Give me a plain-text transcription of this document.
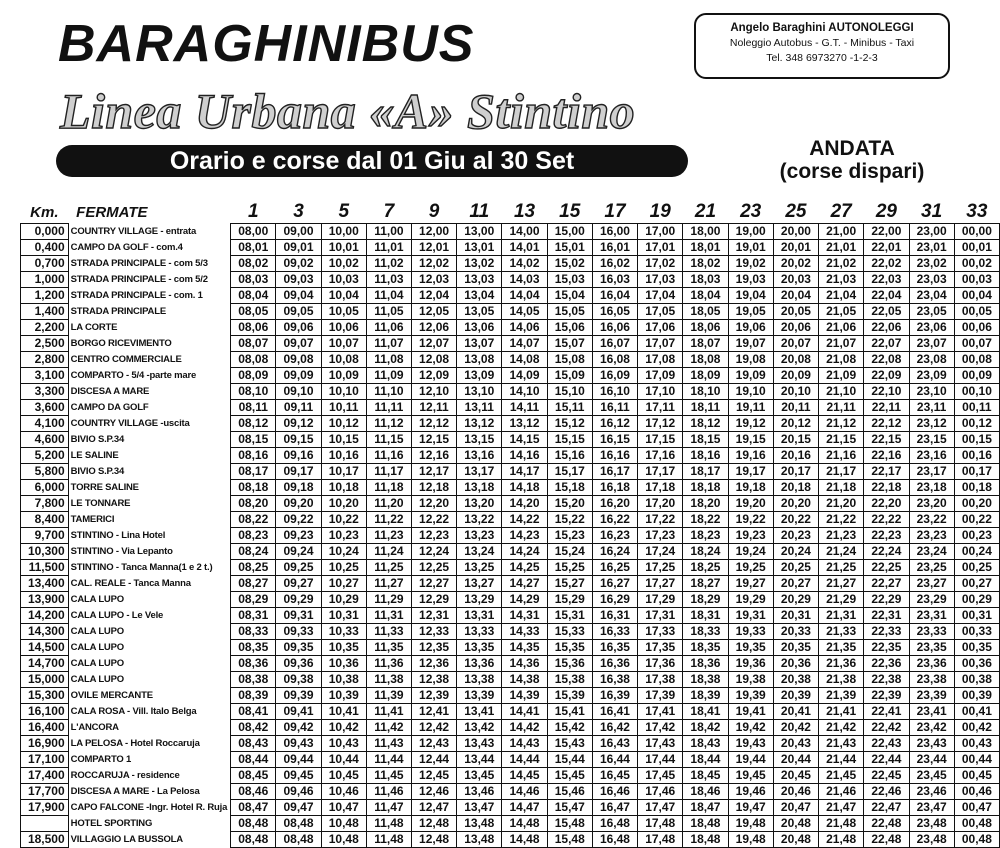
BARAGHINIBUS	Angelo Baraghini AUTONOLEGGI
Noleggio Autobus - G.T. - Minibus - Taxi
Tel. 348 6973270 -1-2-3
Linea Urbana «A» Stintino
Orario e corse dal 01 Giu al 30 Set	ANDATA
(corse dispari)
Km.	FERMATE	1	3	5	7	9	11	13	15	17	19	21	23	25	27	29	31	33
0,000	COUNTRY VILLAGE - entrata	08,00	09,00	10,00	11,00	12,00	13,00	14,00	15,00	16,00	17,00	18,00	19,00	20,00	21,00	22,00	23,00	00,00
0,400	CAMPO DA GOLF - com.4	08,01	09,01	10,01	11,01	12,01	13,01	14,01	15,01	16,01	17,01	18,01	19,01	20,01	21,01	22,01	23,01	00,01
0,700	STRADA PRINCIPALE - com 5/3	08,02	09,02	10,02	11,02	12,02	13,02	14,02	15,02	16,02	17,02	18,02	19,02	20,02	21,02	22,02	23,02	00,02
1,000	STRADA PRINCIPALE - com 5/2	08,03	09,03	10,03	11,03	12,03	13,03	14,03	15,03	16,03	17,03	18,03	19,03	20,03	21,03	22,03	23,03	00,03
1,200	STRADA PRINCIPALE - com. 1	08,04	09,04	10,04	11,04	12,04	13,04	14,04	15,04	16,04	17,04	18,04	19,04	20,04	21,04	22,04	23,04	00,04
1,400	STRADA PRINCIPALE	08,05	09,05	10,05	11,05	12,05	13,05	14,05	15,05	16,05	17,05	18,05	19,05	20,05	21,05	22,05	23,05	00,05
2,200	LA CORTE	08,06	09,06	10,06	11,06	12,06	13,06	14,06	15,06	16,06	17,06	18,06	19,06	20,06	21,06	22,06	23,06	00,06
2,500	BORGO RICEVIMENTO	08,07	09,07	10,07	11,07	12,07	13,07	14,07	15,07	16,07	17,07	18,07	19,07	20,07	21,07	22,07	23,07	00,07
2,800	CENTRO COMMERCIALE	08,08	09,08	10,08	11,08	12,08	13,08	14,08	15,08	16,08	17,08	18,08	19,08	20,08	21,08	22,08	23,08	00,08
3,100	COMPARTO - 5/4 -parte mare	08,09	09,09	10,09	11,09	12,09	13,09	14,09	15,09	16,09	17,09	18,09	19,09	20,09	21,09	22,09	23,09	00,09
3,300	DISCESA A MARE	08,10	09,10	10,10	11,10	12,10	13,10	14,10	15,10	16,10	17,10	18,10	19,10	20,10	21,10	22,10	23,10	00,10
3,600	CAMPO DA GOLF	08,11	09,11	10,11	11,11	12,11	13,11	14,11	15,11	16,11	17,11	18,11	19,11	20,11	21,11	22,11	23,11	00,11
4,100	COUNTRY VILLAGE -uscita	08,12	09,12	10,12	11,12	12,12	13,12	13,12	15,12	16,12	17,12	18,12	19,12	20,12	21,12	22,12	23,12	00,12
4,600	BIVIO S.P.34	08,15	09,15	10,15	11,15	12,15	13,15	14,15	15,15	16,15	17,15	18,15	19,15	20,15	21,15	22,15	23,15	00,15
5,200	LE SALINE	08,16	09,16	10,16	11,16	12,16	13,16	14,16	15,16	16,16	17,16	18,16	19,16	20,16	21,16	22,16	23,16	00,16
5,800	BIVIO S.P.34	08,17	09,17	10,17	11,17	12,17	13,17	14,17	15,17	16,17	17,17	18,17	19,17	20,17	21,17	22,17	23,17	00,17
6,000	TORRE SALINE	08,18	09,18	10,18	11,18	12,18	13,18	14,18	15,18	16,18	17,18	18,18	19,18	20,18	21,18	22,18	23,18	00,18
7,800	LE TONNARE	08,20	09,20	10,20	11,20	12,20	13,20	14,20	15,20	16,20	17,20	18,20	19,20	20,20	21,20	22,20	23,20	00,20
8,400	TAMERICI	08,22	09,22	10,22	11,22	12,22	13,22	14,22	15,22	16,22	17,22	18,22	19,22	20,22	21,22	22,22	23,22	00,22
9,700	STINTINO - Lina Hotel	08,23	09,23	10,23	11,23	12,23	13,23	14,23	15,23	16,23	17,23	18,23	19,23	20,23	21,23	22,23	23,23	00,23
10,300	STINTINO - Via Lepanto	08,24	09,24	10,24	11,24	12,24	13,24	14,24	15,24	16,24	17,24	18,24	19,24	20,24	21,24	22,24	23,24	00,24
11,500	STINTINO - Tanca Manna(1 e 2 t.)	08,25	09,25	10,25	11,25	12,25	13,25	14,25	15,25	16,25	17,25	18,25	19,25	20,25	21,25	22,25	23,25	00,25
13,400	CAL. REALE - Tanca Manna	08,27	09,27	10,27	11,27	12,27	13,27	14,27	15,27	16,27	17,27	18,27	19,27	20,27	21,27	22,27	23,27	00,27
13,900	CALA LUPO	08,29	09,29	10,29	11,29	12,29	13,29	14,29	15,29	16,29	17,29	18,29	19,29	20,29	21,29	22,29	23,29	00,29
14,200	CALA LUPO - Le Vele	08,31	09,31	10,31	11,31	12,31	13,31	14,31	15,31	16,31	17,31	18,31	19,31	20,31	21,31	22,31	23,31	00,31
14,300	CALA LUPO	08,33	09,33	10,33	11,33	12,33	13,33	14,33	15,33	16,33	17,33	18,33	19,33	20,33	21,33	22,33	23,33	00,33
14,500	CALA LUPO	08,35	09,35	10,35	11,35	12,35	13,35	14,35	15,35	16,35	17,35	18,35	19,35	20,35	21,35	22,35	23,35	00,35
14,700	CALA LUPO	08,36	09,36	10,36	11,36	12,36	13,36	14,36	15,36	16,36	17,36	18,36	19,36	20,36	21,36	22,36	23,36	00,36
15,000	CALA LUPO	08,38	09,38	10,38	11,38	12,38	13,38	14,38	15,38	16,38	17,38	18,38	19,38	20,38	21,38	22,38	23,38	00,38
15,300	OVILE MERCANTE	08,39	09,39	10,39	11,39	12,39	13,39	14,39	15,39	16,39	17,39	18,39	19,39	20,39	21,39	22,39	23,39	00,39
16,100	CALA ROSA - Vill. Italo Belga	08,41	09,41	10,41	11,41	12,41	13,41	14,41	15,41	16,41	17,41	18,41	19,41	20,41	21,41	22,41	23,41	00,41
16,400	L'ANCORA	08,42	09,42	10,42	11,42	12,42	13,42	14,42	15,42	16,42	17,42	18,42	19,42	20,42	21,42	22,42	23,42	00,42
16,900	LA PELOSA - Hotel Roccaruja	08,43	09,43	10,43	11,43	12,43	13,43	14,43	15,43	16,43	17,43	18,43	19,43	20,43	21,43	22,43	23,43	00,43
17,100	COMPARTO 1	08,44	09,44	10,44	11,44	12,44	13,44	14,44	15,44	16,44	17,44	18,44	19,44	20,44	21,44	22,44	23,44	00,44
17,400	ROCCARUJA - residence	08,45	09,45	10,45	11,45	12,45	13,45	14,45	15,45	16,45	17,45	18,45	19,45	20,45	21,45	22,45	23,45	00,45
17,700	DISCESA A MARE - La Pelosa	08,46	09,46	10,46	11,46	12,46	13,46	14,46	15,46	16,46	17,46	18,46	19,46	20,46	21,46	22,46	23,46	00,46
17,900	CAPO FALCONE -Ingr. Hotel R. Ruja	08,47	09,47	10,47	11,47	12,47	13,47	14,47	15,47	16,47	17,47	18,47	19,47	20,47	21,47	22,47	23,47	00,47
	HOTEL SPORTING	08,48	08,48	10,48	11,48	12,48	13,48	14,48	15,48	16,48	17,48	18,48	19,48	20,48	21,48	22,48	23,48	00,48
18,500	VILLAGGIO LA BUSSOLA	08,48	08,48	10,48	11,48	12,48	13,48	14,48	15,48	16,48	17,48	18,48	19,48	20,48	21,48	22,48	23,48	00,48
